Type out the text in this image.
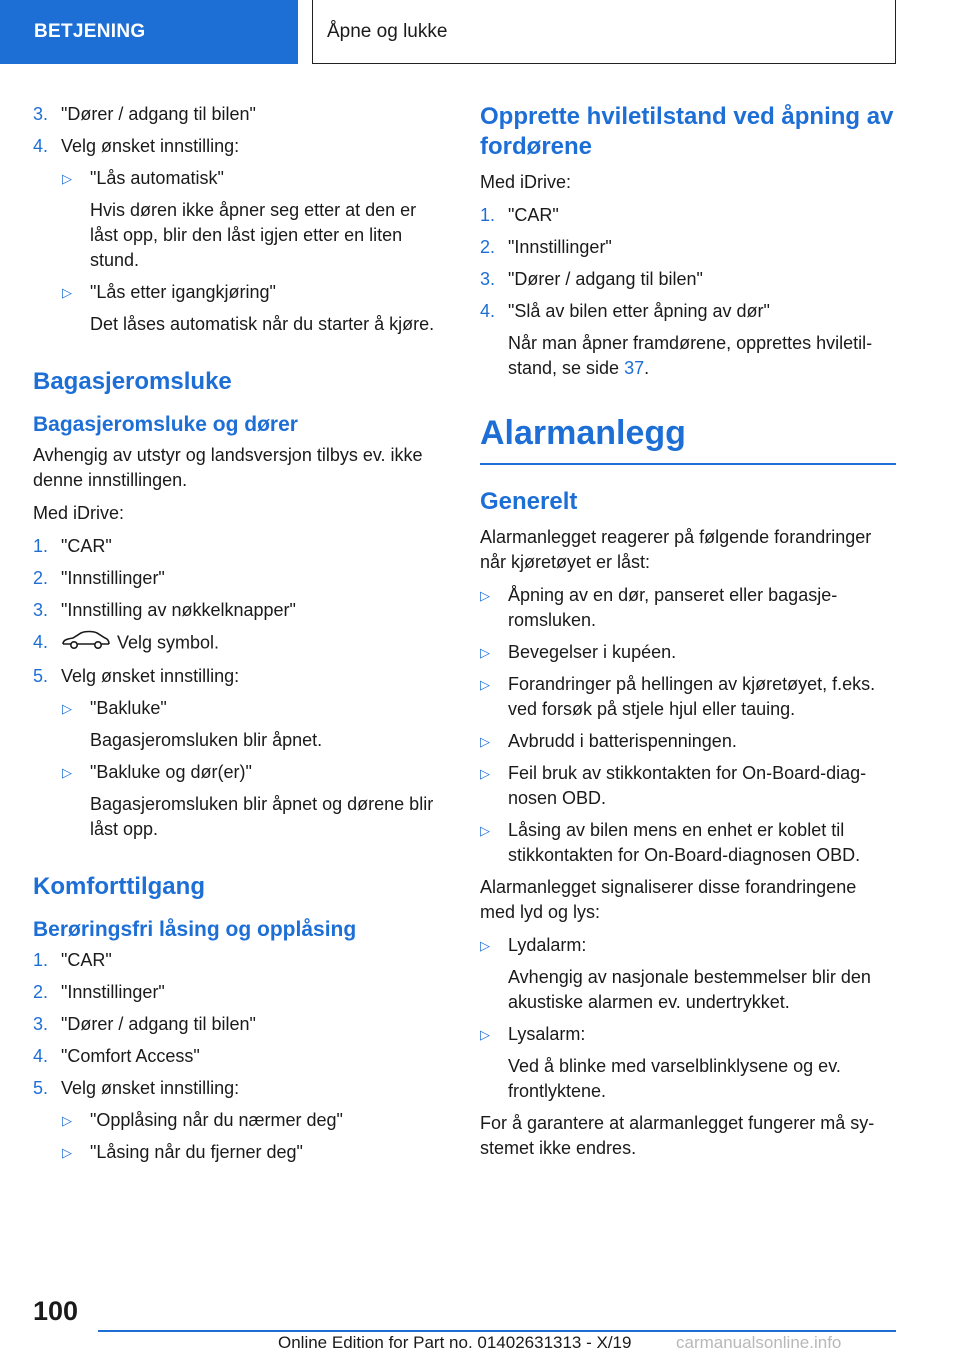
BETJENING	Åpne og lukke
3. "Dører / adgang til bilen"
4. Velg ønsket innstilling:
▷ "Lås automatisk"
Hvis døren ikke åpner seg etter at den er låst opp, blir den låst igjen etter en liten stund.
▷ "Lås etter igangkjøring"
Det låses automatisk når du starter å kjøre.
Bagasjeromsluke
Bagasjeromsluke og dører
Avhengig av utstyr og landsversjon tilbys ev. ikke denne innstillingen.
Med iDrive:
1. "CAR"
2. "Innstillinger"
3. "Innstilling av nøkkelknapper"
4.	Velg symbol.
5. Velg ønsket innstilling:
▷ "Bakluke"
Bagasjeromsluken blir åpnet.
▷ "Bakluke og dør(er)"
Bagasjeromsluken blir åpnet og dørene blir låst opp.
Komforttilgang
Berøringsfri låsing og opplåsing
1. "CAR"
2. "Innstillinger"
3. "Dører / adgang til bilen"
4. "Comfort Access"
5. Velg ønsket innstilling:
▷ "Opplåsing når du nærmer deg"
▷ "Låsing når du fjerner deg"
Opprette hviletilstand ved åpning av fordørene
Med iDrive:
1. "CAR"
2. "Innstillinger"
3. "Dører / adgang til bilen"
4. "Slå av bilen etter åpning av dør"
Når man åpner framdørene, opprettes hviletilstand, se side 37.
Alarmanlegg
Generelt
Alarmanlegget reagerer på følgende forandringer når kjøretøyet er låst:
▷ Åpning av en dør, panseret eller bagasjeromsluken.
▷ Bevegelser i kupéen.
▷ Forandringer på hellingen av kjøretøyet, f.eks. ved forsøk på stjele hjul eller tauing.
▷ Avbrudd i batterispenningen.
▷ Feil bruk av stikkontakten for On-Board-diagnosen OBD.
▷ Låsing av bilen mens en enhet er koblet til stikkontakten for On-Board-diagnosen OBD.
Alarmanlegget signaliserer disse forandringene med lyd og lys:
▷ Lydalarm:
Avhengig av nasjonale bestemmelser blir den akustiske alarmen ev. undertrykket.
▷ Lysalarm:
Ved å blinke med varselblinklysene og ev. frontlyktene.
For å garantere at alarmanlegget fungerer må systemet ikke endres.
100
Online Edition for Part no. 01402631313 - X/19	carmanualsonline.info
